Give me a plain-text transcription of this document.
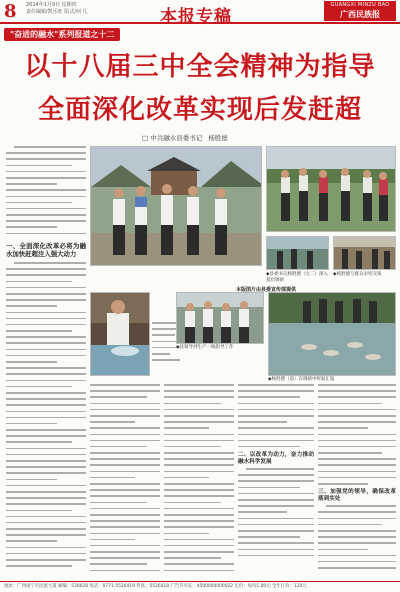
8 2014年1月9日 星期四
责任编辑/凯乐旺 版式/何 几	本报专稿
GUANGXI MINZU BAO
广西民族报
"奋进的融水"系列报道之十二
以十八届三中全会精神为指导
全面深化改革实现后发赶超
□ 中共融水县委书记 杨胜德
一、全面深化改革必将为融水加快赶超注入强大动力
◆县委书记杨胜德（左二）深入基层调研
◆杨胜德与群众亲切交谈
本版图片由县委宣传部提供
◆县领导到生产一线指导工作
◆杨胜德（前）在调研中听取汇报
二、以改革为动力，奋力推动融水科学发展
三、加强党的领导，确保改革落到实处
地址：广西南宁市民族大道 邮编：530028 电话：0771-5526419 传真：5526418 广告许可证：4500004000022 定价：每份1.00元 全年订价：120元
